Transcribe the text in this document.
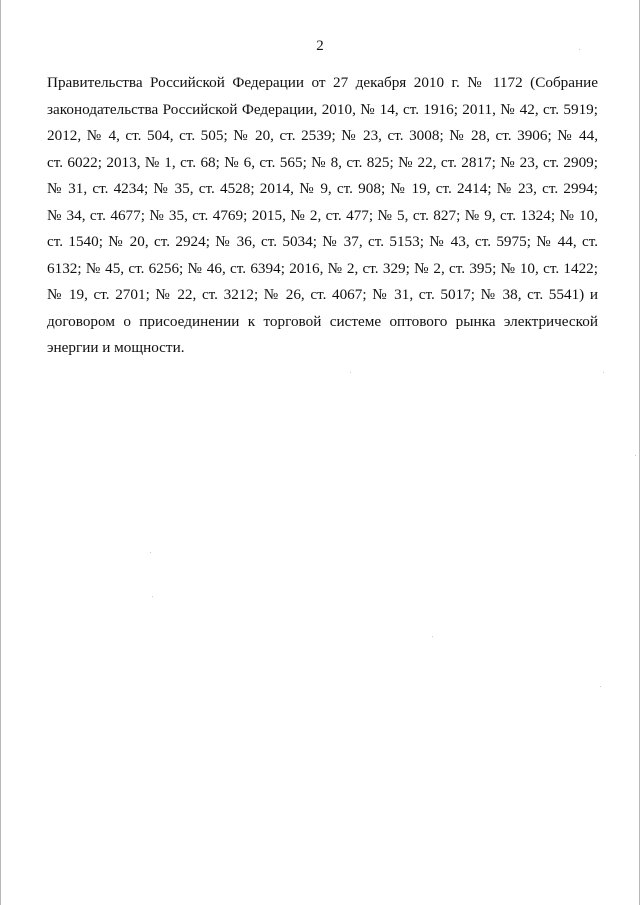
2
Правительства Российской Федерации от 27 декабря 2010 г. № 1172 (Собрание
законодательства Российской Федерации, 2010, № 14, ст. 1916; 2011, № 42, ст. 5919;
2012, № 4, ст. 504, ст. 505; № 20, ст. 2539; № 23, ст. 3008; № 28, ст. 3906; № 44,
ст. 6022; 2013, № 1, ст. 68; № 6, ст. 565; № 8, ст. 825; № 22, ст. 2817; № 23, ст. 2909;
№ 31, ст. 4234; № 35, ст. 4528; 2014, № 9, ст. 908; № 19, ст. 2414; № 23, ст. 2994;
№ 34, ст. 4677; № 35, ст. 4769; 2015, № 2, ст. 477; № 5, ст. 827; № 9, ст. 1324; № 10,
ст. 1540; № 20, ст. 2924; № 36, ст. 5034; № 37, ст. 5153; № 43, ст. 5975; № 44, ст.
6132; № 45, ст. 6256; № 46, ст. 6394; 2016, № 2, ст. 329; № 2, ст. 395; № 10, ст. 1422;
№ 19, ст. 2701; № 22, ст. 3212; № 26, ст. 4067; № 31, ст. 5017; № 38, ст. 5541) и
договором о присоединении к торговой системе оптового рынка электрической
энергии и мощности.
